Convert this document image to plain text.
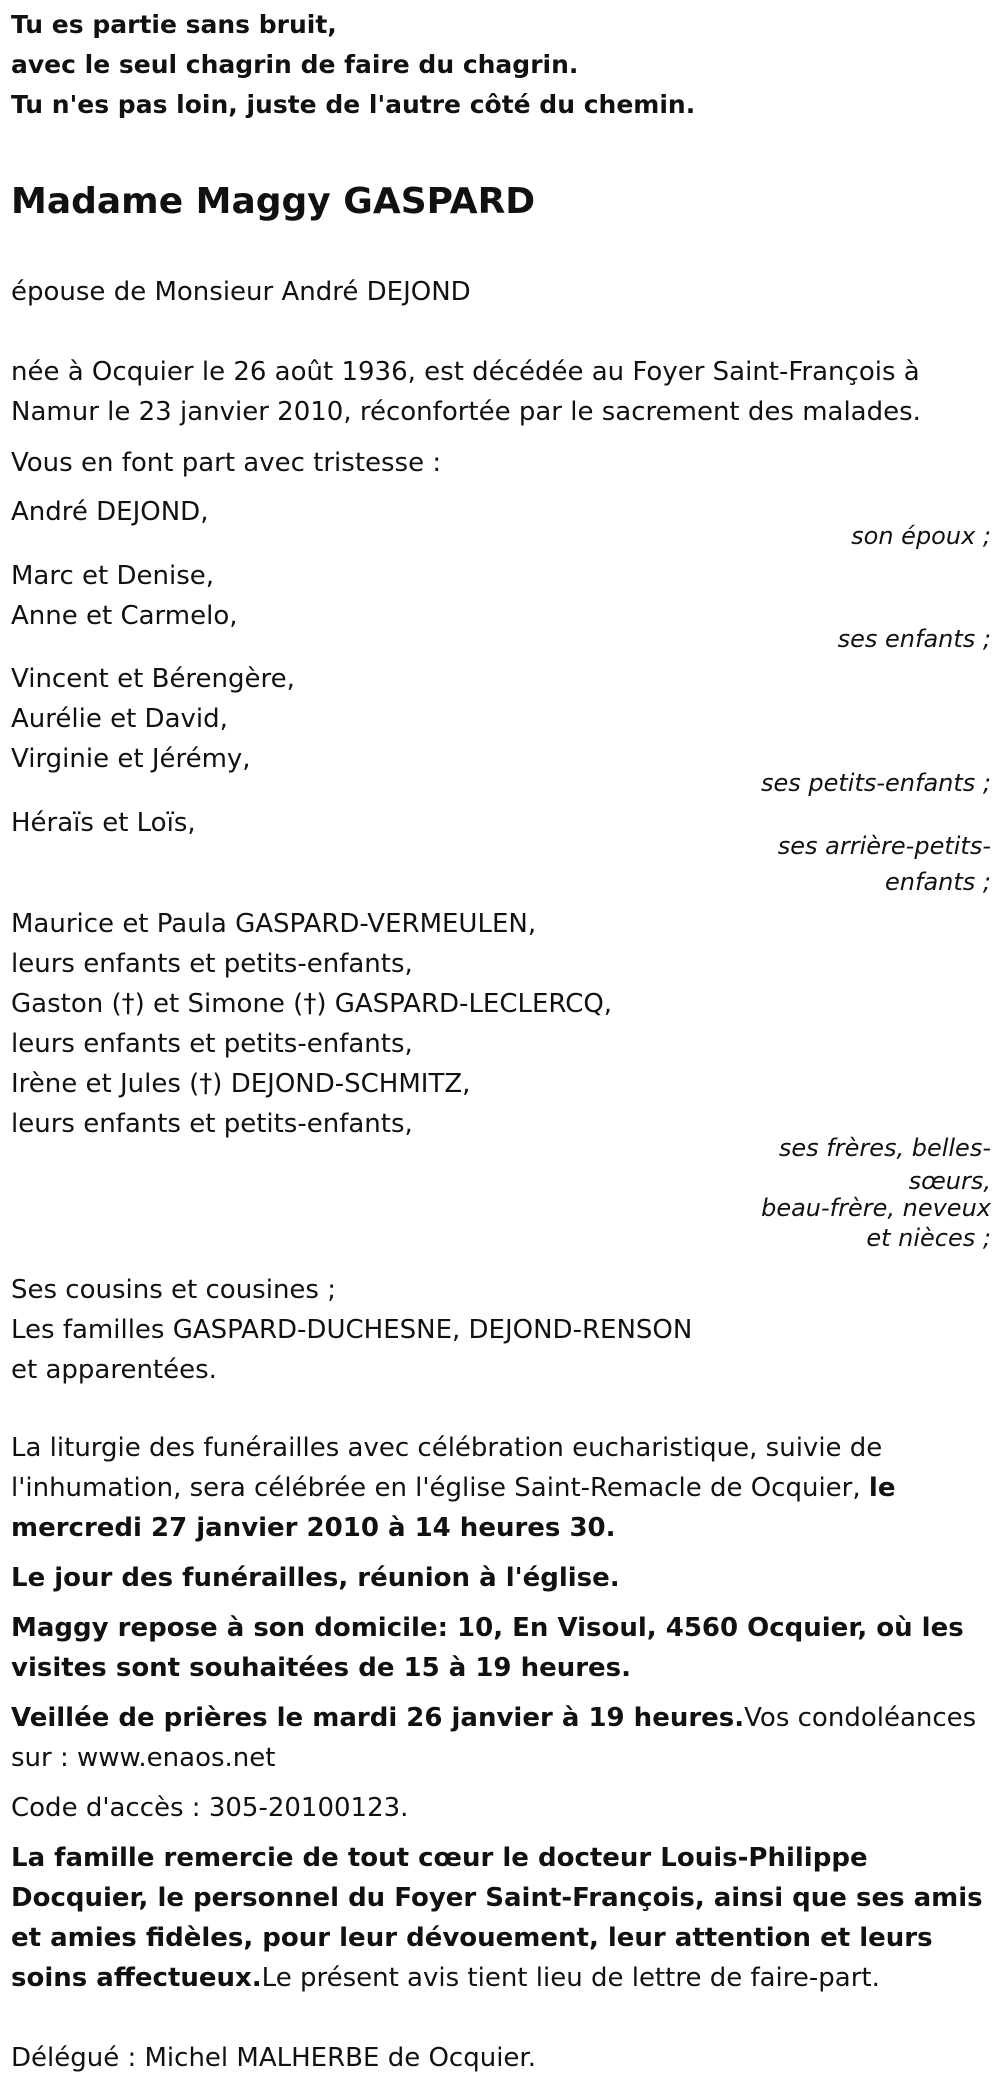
Tu es partie sans bruit,
avec le seul chagrin de faire du chagrin.
Tu n'es pas loin, juste de l'autre côté du chemin.
Madame Maggy GASPARD
épouse de Monsieur André DEJOND
née à Ocquier le 26 août 1936, est décédée au Foyer Saint-François à Namur le 23 janvier 2010, réconfortée par le sacrement des malades.
Vous en font part avec tristesse :
André DEJOND,
son époux ;
Marc et Denise,
Anne et Carmelo,
ses enfants ;
Vincent et Bérengère,
Aurélie et David,
Virginie et Jérémy,
ses petits-enfants ;
Héraïs et Loïs,
ses arrière-petits-
enfants ;
Maurice et Paula GASPARD-VERMEULEN,
leurs enfants et petits-enfants,
Gaston (†) et Simone (†) GASPARD-LECLERCQ,
leurs enfants et petits-enfants,
Irène et Jules (†) DEJOND-SCHMITZ,
leurs enfants et petits-enfants,
ses frères, belles-
sœurs,
beau-frère, neveux
et nièces ;
Ses cousins et cousines ;
Les familles GASPARD-DUCHESNE, DEJOND-RENSON
et apparentées.
La liturgie des funérailles avec célébration eucharistique, suivie de l'inhumation, sera célébrée en l'église Saint-Remacle de Ocquier, le mercredi 27 janvier 2010 à 14 heures 30.
Le jour des funérailles, réunion à l'église.
Maggy repose à son domicile: 10, En Visoul, 4560 Ocquier, où les visites sont souhaitées de 15 à 19 heures.
Veillée de prières le mardi 26 janvier à 19 heures.Vos condoléances sur : www.enaos.net
Code d'accès : 305-20100123.
La famille remercie de tout cœur le docteur Louis-Philippe Docquier, le personnel du Foyer Saint-François, ainsi que ses amis et amies fidèles, pour leur dévouement, leur attention et leurs soins affectueux.Le présent avis tient lieu de lettre de faire-part.
Délégué : Michel MALHERBE de Ocquier.
